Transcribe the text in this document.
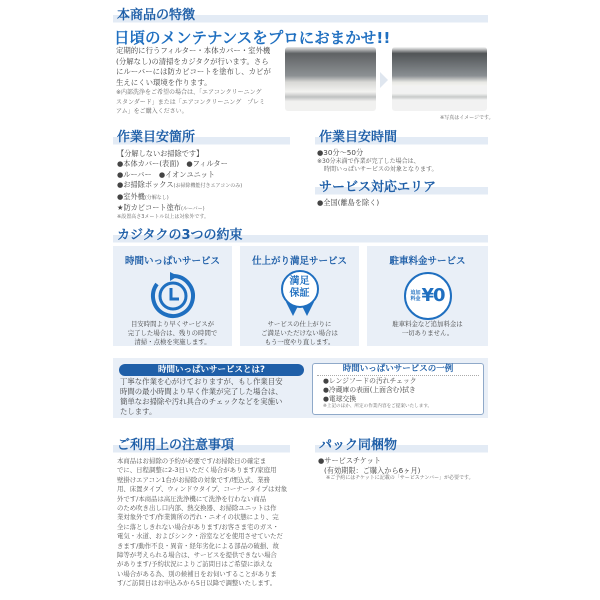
本商品の特徴
日頃のメンテナンスをプロにおまかせ!!
定期的に行うフィルター・本体カバー・室外機
(分解なし)の清掃をカジタクが行います。さら
にルーバーには防カビコートを塗布し、カビが
生えにくい環境を作ります。
※内部洗浄をご希望の場合は、「エアコンクリーニング
スタンダード」または「エアコンクリーニング　プレミ
アム」をご購入ください。
※写真はイメージです。
作業目安箇所
【分解しないお掃除です】
●本体カバー(表面)　 ●フィルター
●ルーバー　 ●イオンユニット
●お掃除ボックス(お掃除機能付きエアコンのみ)
●室外機(分解なし)
★防カビコート塗布(ルーバー)
※設置高さ3メートル以上は対象外です。
作業目安時間
●30分～50分
※30分未満で作業が完了した場合は、
時間いっぱいサービスの対象となります。
サービス対応エリア
●全国(離島を除く)
カジタクの3つの約束
時間いっぱいサービス

目安時間より早くサービスが
完了した場合は、残りの時間で
清掃・点検を実施します。

仕上がり満足サービス
満足
保証

サービスの仕上がりに
ご満足いただけない場合は
もう一度やり直します。

駐車料金サービス
追加
料金 ¥0

駐車料金など追加料金は
一切ありません。

時間いっぱいサービスとは?
丁寧な作業を心がけておりますが、もし作業目安
時間の最小時間より早く作業が完了した場合は、
簡単なお掃除や汚れ具合のチェックなどを実施い
たします。
時間いっぱいサービスの一例
●レンジフードの汚れチェック
●冷蔵庫の表面(上面含む)拭き
●電球交換
※上記のほか、所定の作業内容をご提案いたします。
ご利用上の注意事項
本商品はお掃除の予約が必要です/お掃除日の確定ま
でに、日程調整に2-3日いただく場合があります/家庭用
壁掛けエアコン1台がお掃除の対象です/埋込式、業務
用、床置タイプ、ウィンドウタイプ、コーナータイプは対象
外です/本商品は高圧洗浄機にて洗浄を行わない商品
のため吹き出し口内部、熱交換器、お掃除ユニットは作
業対象外です/作業箇所の汚れ・ニオイの状態により、完
全に落としきれない場合があります/お客さま宅のガス・
電気・水道、およびシンク・浴室などを使用させていただ
きます/動作不良・異音・経年劣化による部品の破損、故
障等が考えられる場合は、サービスを提供できない場合
があります/予約状況によりご訪問日はご希望に添えな
い場合がある為、別の候補日をお伺いすることがありま
す/ご訪問日はお申込みから5日以降で調整いたします。
パック同梱物
●サービスチケット
(有効期限：ご購入から6ヶ月)
※ご予約にはチケットに記載の「サービスナンバー」が必要です。
